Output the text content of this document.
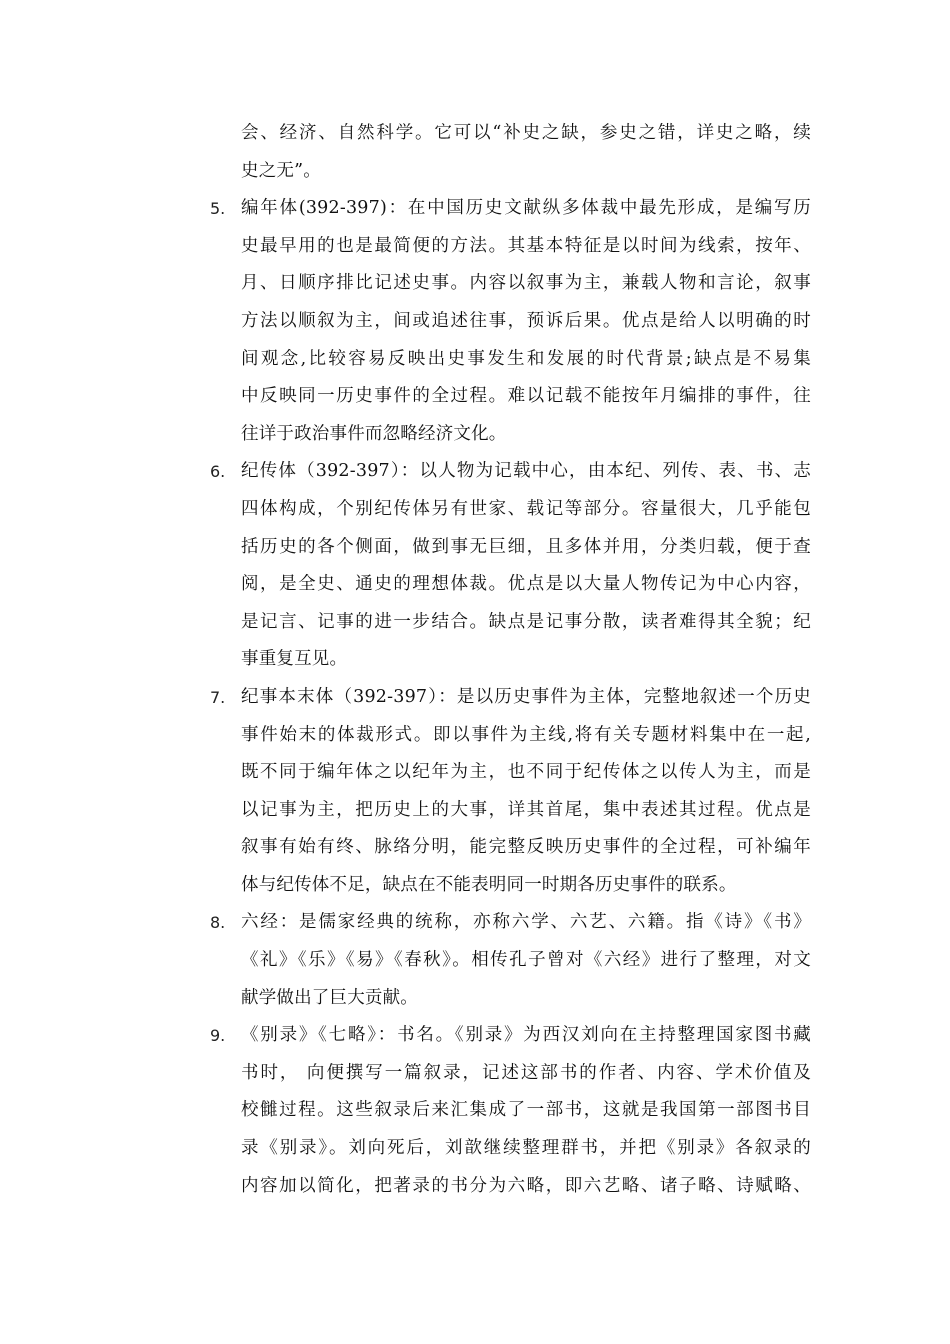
会、经济、自然科学。它可以“补史之缺，参史之错，详史之略，续
史之无”。
5. 编年体(392-397)：在中国历史文献纵多体裁中最先形成，是编写历
史最早用的也是最简便的方法。其基本特征是以时间为线索，按年、
月、日顺序排比记述史事。内容以叙事为主，兼载人物和言论，叙事
方法以顺叙为主，间或追述往事，预诉后果。优点是给人以明确的时
间观念,比较容易反映出史事发生和发展的时代背景;缺点是不易集
中反映同一历史事件的全过程。难以记载不能按年月编排的事件，往
往详于政治事件而忽略经济文化。
6. 纪传体（392-397）：以人物为记载中心，由本纪、列传、表、书、志
四体构成，个别纪传体另有世家、载记等部分。容量很大，几乎能包
括历史的各个侧面，做到事无巨细，且多体并用，分类归载，便于查
阅，是全史、通史的理想体裁。优点是以大量人物传记为中心内容，
是记言、记事的进一步结合。缺点是记事分散，读者难得其全貌；纪
事重复互见。
7. 纪事本末体（392-397）：是以历史事件为主体，完整地叙述一个历史
事件始末的体裁形式。即以事件为主线,将有关专题材料集中在一起,
既不同于编年体之以纪年为主，也不同于纪传体之以传人为主，而是
以记事为主，把历史上的大事，详其首尾，集中表述其过程。优点是
叙事有始有终、脉络分明，能完整反映历史事件的全过程，可补编年
体与纪传体不足，缺点在不能表明同一时期各历史事件的联系。
8. 六经：是儒家经典的统称，亦称六学、六艺、六籍。指《诗》《书》
《礼》《乐》《易》《春秋》。相传孔子曾对《六经》进行了整理，对文
献学做出了巨大贡献。
9. 《别录》《七略》：书名。《别录》为西汉刘向在主持整理国家图书藏
书时， 向便撰写一篇叙录，记述这部书的作者、内容、学术价值及
校雠过程。这些叙录后来汇集成了一部书，这就是我国第一部图书目
录《别录》。刘向死后，刘歆继续整理群书，并把《别录》各叙录的
内容加以简化，把著录的书分为六略，即六艺略、诸子略、诗赋略、
